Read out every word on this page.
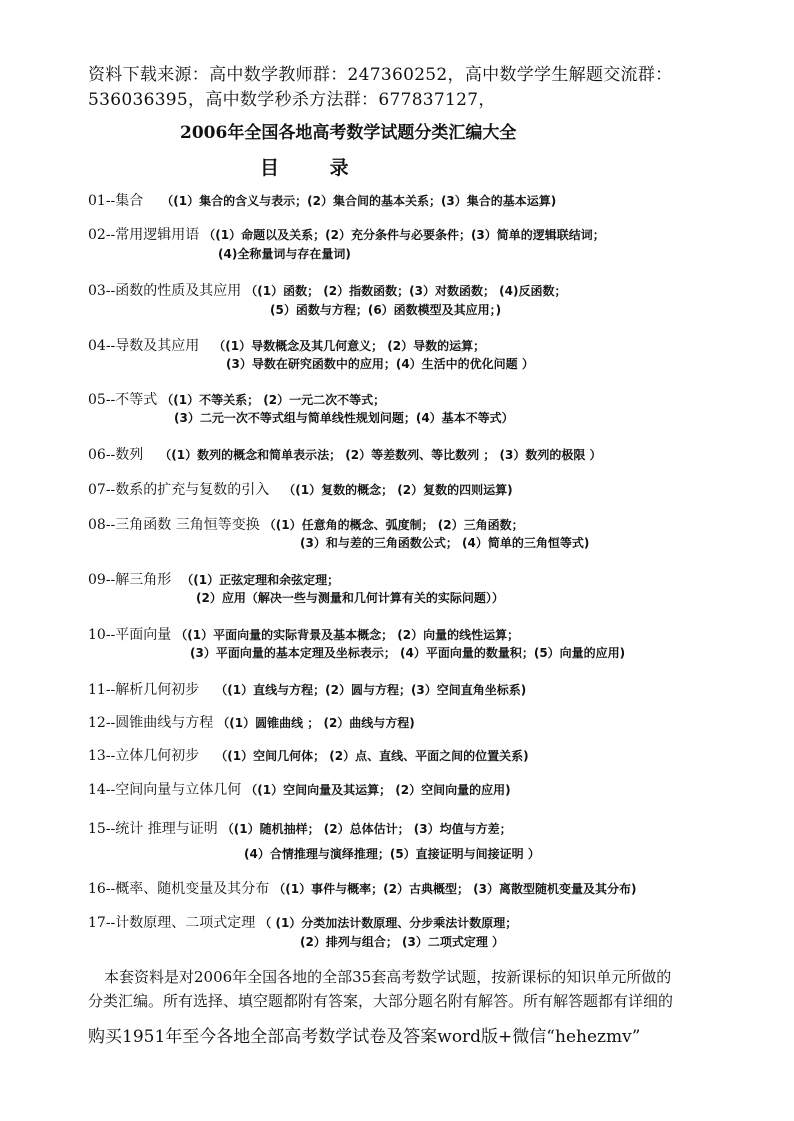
资料下载来源：高中数学教师群：247360252，高中数学学生解题交流群：
536036395，高中数学秒杀方法群：677837127，
2006年全国各地高考数学试题分类汇编大全
目 录
01--集合 （(1）集合的含义与表示；(2）集合间的基本关系；(3）集合的基本运算)
02--常用逻辑用语 （(1）命题以及关系；(2）充分条件与必要条件；(3）简单的逻辑联结词；
(4)全称量词与存在量词)
03--函数的性质及其应用 （(1）函数； (2）指数函数；(3）对数函数； (4)反函数；
(5）函数与方程；(6）函数模型及其应用；)
04--导数及其应用 （(1）导数概念及其几何意义； (2）导数的运算；
(3）导数在研究函数中的应用；(4）生活中的优化问题 ）
05--不等式 （(1）不等关系； (2）一元二次不等式；
(3）二元一次不等式组与简单线性规划问题；(4）基本不等式）
06--数列 （(1）数列的概念和简单表示法； (2）等差数列、等比数列 ； (3）数列的极限 ）
07--数系的扩充与复数的引入 （(1）复数的概念； (2）复数的四则运算)
08--三角函数 三角恒等变换 （(1）任意角的概念、弧度制； (2）三角函数；
(3）和与差的三角函数公式； (4）简单的三角恒等式)
09--解三角形 （(1）正弦定理和余弦定理；
(2）应用（解决一些与测量和几何计算有关的实际问题））
10--平面向量 （(1）平面向量的实际背景及基本概念； (2）向量的线性运算；
(3）平面向量的基本定理及坐标表示； (4）平面向量的数量积；(5）向量的应用)
11--解析几何初步 （(1）直线与方程；(2）圆与方程；(3）空间直角坐标系)
12--圆锥曲线与方程 （(1）圆锥曲线 ； (2）曲线与方程)
13--立体几何初步 （(1）空间几何体； (2）点、直线、平面之间的位置关系)
14--空间向量与立体几何 （(1）空间向量及其运算； (2）空间向量的应用)
15--统计 推理与证明 （(1）随机抽样； (2）总体估计； (3）均值与方差；
(4）合情推理与演绎推理；(5）直接证明与间接证明 ）
16--概率、随机变量及其分布 （(1）事件与概率；(2）古典概型； (3）离散型随机变量及其分布)
17--计数原理、二项式定理 （ (1）分类加法计数原理、分步乘法计数原理；
(2）排列与组合； (3）二项式定理 ）
本套资料是对2006年全国各地的全部35套高考数学试题，按新课标的知识单元所做的
分类汇编。所有选择、填空题都附有答案，大部分题名附有解答。所有解答题都有详细的
购买1951年至今各地全部高考数学试卷及答案word版+微信“hehezmv”
